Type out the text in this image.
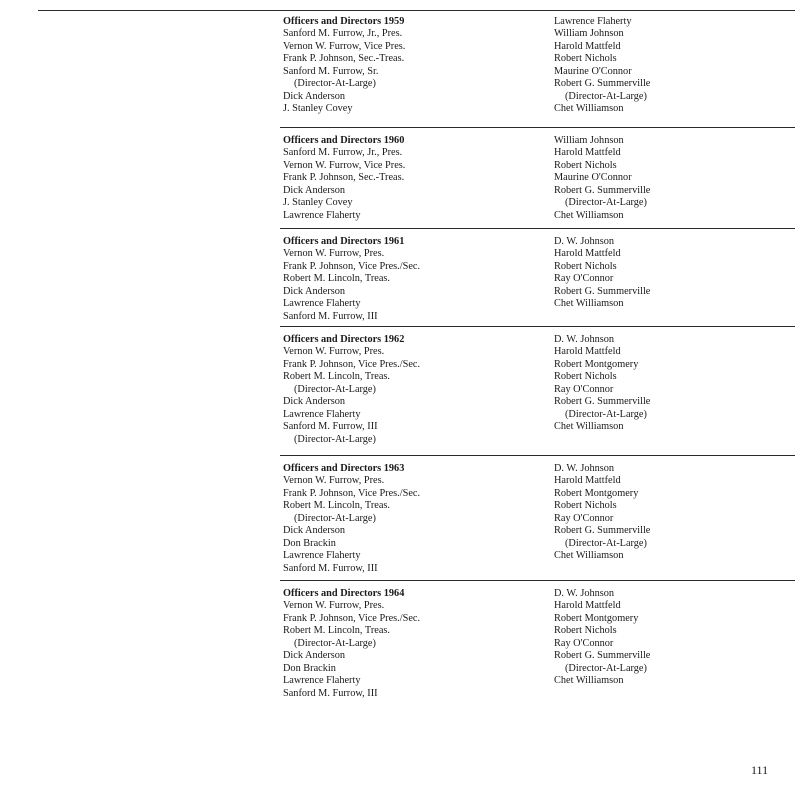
Officers and Directors 1959
Sanford M. Furrow, Jr., Pres.
Vernon W. Furrow, Vice Pres.
Frank P. Johnson, Sec.-Treas.
Sanford M. Furrow, Sr.
(Director-At-Large)
Dick Anderson
J. Stanley Covey
Lawrence Flaherty
William Johnson
Harold Mattfeld
Robert Nichols
Maurine O'Connor
Robert G. Summerville
(Director-At-Large)
Chet Williamson
Officers and Directors 1960
Sanford M. Furrow, Jr., Pres.
Vernon W. Furrow, Vice Pres.
Frank P. Johnson, Sec.-Treas.
Dick Anderson
J. Stanley Covey
Lawrence Flaherty
William Johnson
Harold Mattfeld
Robert Nichols
Maurine O'Connor
Robert G. Summerville
(Director-At-Large)
Chet Williamson
Officers and Directors 1961
Vernon W. Furrow, Pres.
Frank P. Johnson, Vice Pres./Sec.
Robert M. Lincoln, Treas.
Dick Anderson
Lawrence Flaherty
Sanford M. Furrow, III
D. W. Johnson
Harold Mattfeld
Robert Nichols
Ray O'Connor
Robert G. Summerville
Chet Williamson
Officers and Directors 1962
Vernon W. Furrow, Pres.
Frank P. Johnson, Vice Pres./Sec.
Robert M. Lincoln, Treas.
(Director-At-Large)
Dick Anderson
Lawrence Flaherty
Sanford M. Furrow, III
(Director-At-Large)
D. W. Johnson
Harold Mattfeld
Robert Montgomery
Robert Nichols
Ray O'Connor
Robert G. Summerville
(Director-At-Large)
Chet Williamson
Officers and Directors 1963
Vernon W. Furrow, Pres.
Frank P. Johnson, Vice Pres./Sec.
Robert M. Lincoln, Treas.
(Director-At-Large)
Dick Anderson
Don Brackin
Lawrence Flaherty
Sanford M. Furrow, III
D. W. Johnson
Harold Mattfeld
Robert Montgomery
Robert Nichols
Ray O'Connor
Robert G. Summerville
(Director-At-Large)
Chet Williamson
Officers and Directors 1964
Vernon W. Furrow, Pres.
Frank P. Johnson, Vice Pres./Sec.
Robert M. Lincoln, Treas.
(Director-At-Large)
Dick Anderson
Don Brackin
Lawrence Flaherty
Sanford M. Furrow, III
D. W. Johnson
Harold Mattfeld
Robert Montgomery
Robert Nichols
Ray O'Connor
Robert G. Summerville
(Director-At-Large)
Chet Williamson
111
